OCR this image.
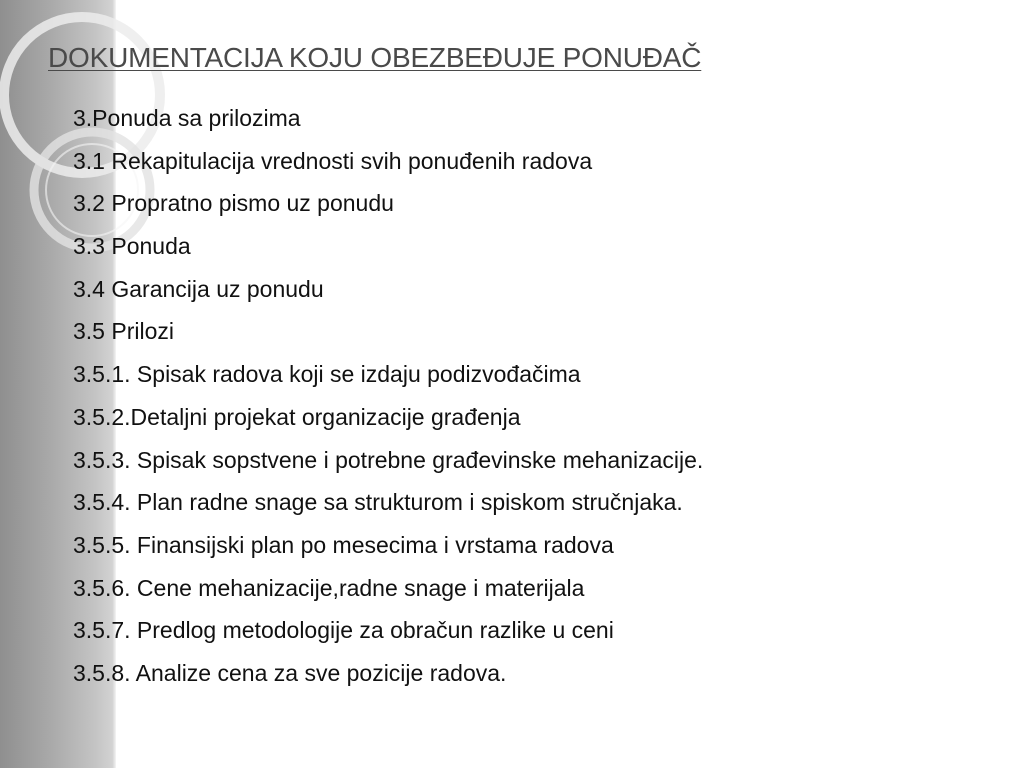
DOKUMENTACIJA KOJU OBEZBEĐUJE PONUĐAČ
3.Ponuda sa prilozima
3.1 Rekapitulacija vrednosti svih ponuđenih radova
3.2 Propratno pismo uz ponudu
3.3 Ponuda
3.4 Garancija uz ponudu
3.5 Prilozi
3.5.1. Spisak radova koji se izdaju podizvođačima
3.5.2.Detaljni projekat organizacije građenja
3.5.3. Spisak sopstvene i potrebne građevinske mehanizacije.
3.5.4. Plan radne snage sa strukturom i spiskom stručnjaka.
3.5.5. Finansijski plan po mesecima i vrstama radova
3.5.6. Cene mehanizacije,radne snage i materijala
3.5.7. Predlog metodologije za obračun razlike u ceni
3.5.8. Analize cena za sve pozicije radova.
